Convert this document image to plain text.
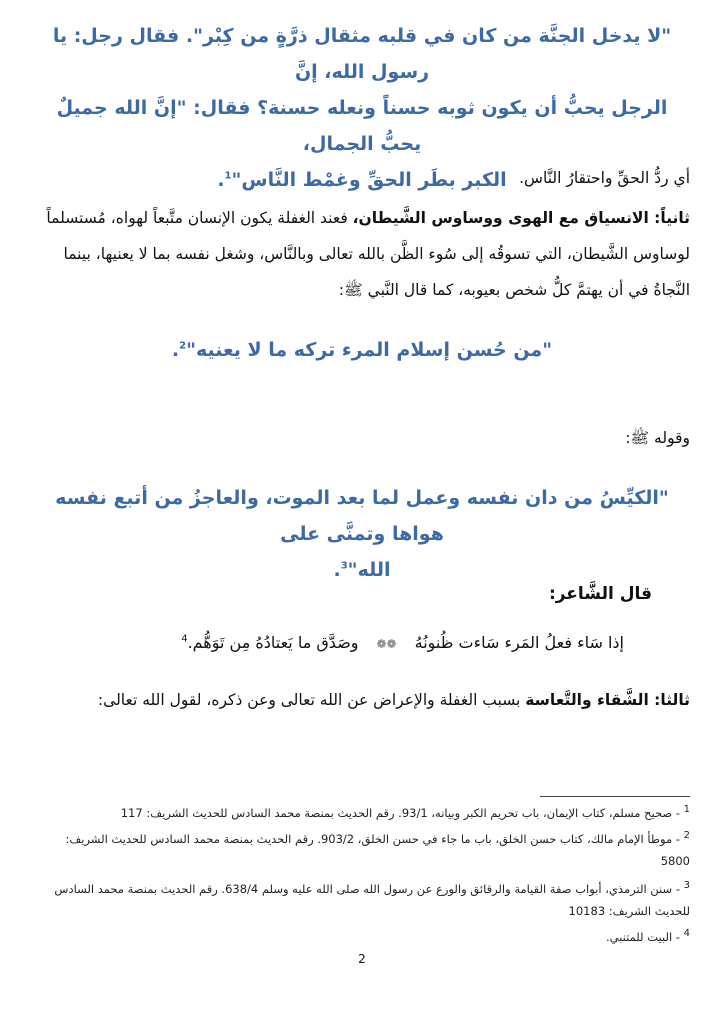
"لا يدخل الجنَّة من كان في قلبه مثقال ذرَّةٍ من كِبْر". فقال رجل: يا رسول الله، إنَّ
الرجل يحبُّ أن يكون ثوبه حسناً ونعله حسنة؟ فقال: "إنَّ الله جميلٌ يحبُّ الجمال،
الكبر بطَر الحقِّ وغمْط النَّاس"$^1$.	أي ردُّ الحقِّ واحتقارُ النَّاس.

ثانياً: الانسياق مع الهوى ووساوس الشَّيطان، فعند الغفلة يكون الإنسان متَّبعاً لهواه، مُستسلماً
لوساوس الشَّيطان، التي تسوقُه إلى سُوء الظَّن بالله تعالى وبالنَّاس، وشغل نفسه بما لا يعنيها، بينما
النَّجاةُ في أن يهتمَّ كلُّ شخص بعيوبه، كما قال النَّبي ﷺ:

"من حُسن إسلام المرء تركه ما لا يعنيه"$^2$.

وقوله ﷺ:

"الكيِّسُ من دان نفسه وعمل لما بعد الموت، والعاجزُ من أتبع نفسه هواها وتمنَّى على
الله"$^3$.

قال الشَّاعر:

إذا سَاء فعلُ المَرء سَاءت ظُنونُهُ❁❁وصَدَّق ما يَعتادُهُ مِن تَوَهُّم.$^4$

ثالثا: الشَّقاء والتَّعاسة بسبب الغفلة والإعراض عن الله تعالى وعن ذكره، لقول الله تعالى:

$^1$ - صحيح مسلم، كتاب الإيمان، باب تحريم الكبر وبيانه، 93/1. رقم الحديث بمنصة محمد السادس للحديث الشريف: 117

$^2$ - موطأ الإمام مالك، كتاب حسن الخلق، باب ما جاء في حسن الخلق، 903/2. رقم الحديث بمنصة محمد السادس للحديث الشريف: 5800

$^3$ - سنن الترمذي، أبواب صفة القيامة والرقائق والورع عن رسول الله صلى الله عليه وسلم 638/4. رقم الحديث بمنصة محمد السادس للحديث الشريف: 10183

$^4$ - البيت للمتنبي.

2
